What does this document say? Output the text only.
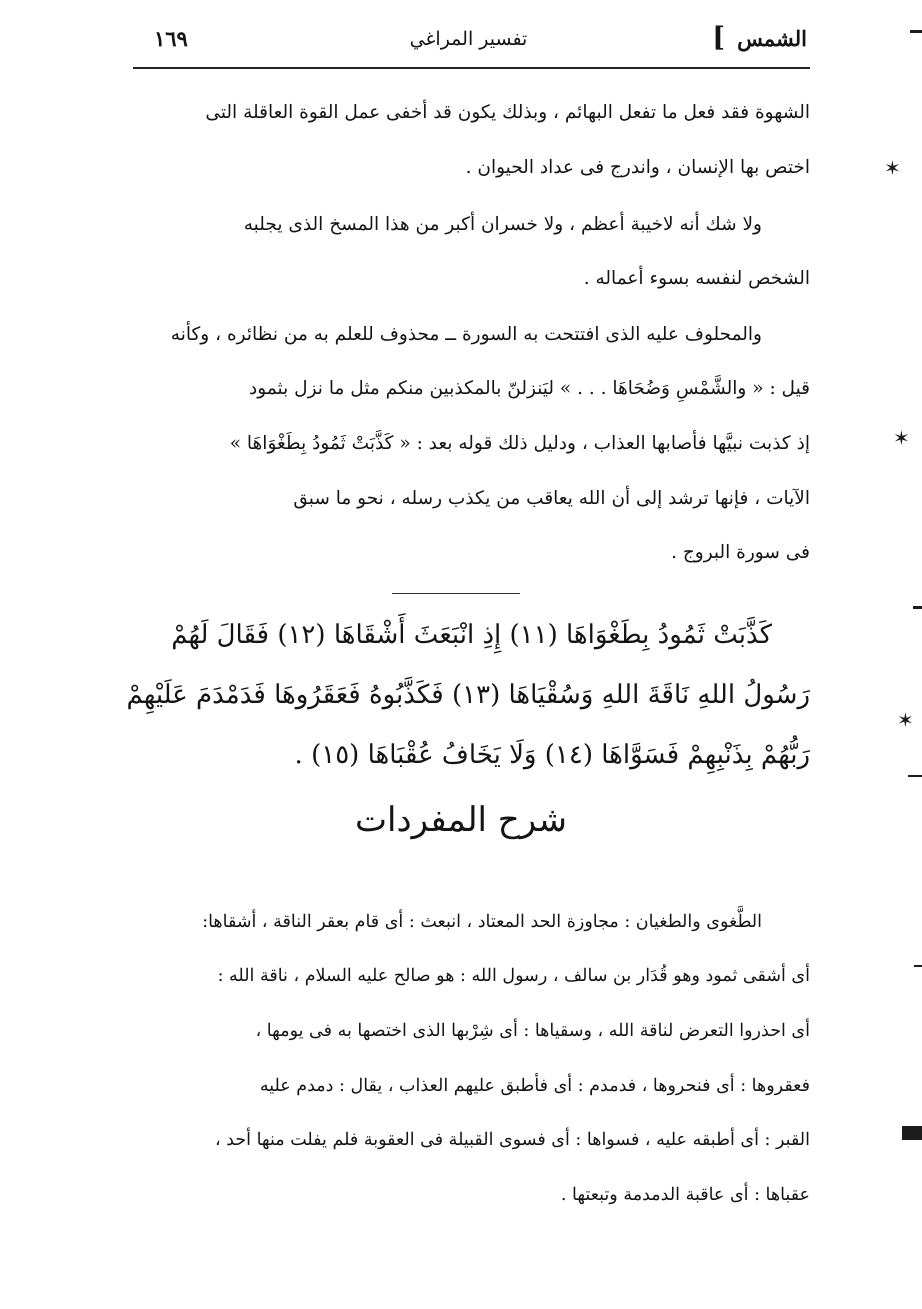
الشمس
]
تفسير المراغي
١٦٩
الشهوة فقد فعل ما تفعل البهائم ، وبذلك يكون قد أخفى عمل القوة العاقلة التى
اختص بها الإنسان ، واندرج فى عداد الحيوان .
ولا شك أنه لاخيبة أعظم ، ولا خسران أكبر من هذا المسخ الذى يجلبه
الشخص لنفسه بسوء أعماله .
والمحلوف عليه الذى افتتحت به السورة ــ محذوف للعلم به من نظائره ، وكأنه
قيل : « والشَّمْسِ وَضُحَاهَا . . . » ليَنزلنّ بالمكذبين منكم مثل ما نزل بثمود
إذ كذبت نبيَّها فأصابها العذاب ، ودليل ذلك قوله بعد : « كَذَّبَتْ ثَمُودُ بِطَغْوَاهَا »
الآيات ، فإنها ترشد إلى أن الله يعاقب من يكذب رسله ، نحو ما سبق
فى سورة البروج .
كَذَّبَتْ ثَمُودُ بِطَغْوَاهَا (١١) إِذِ انْبَعَثَ أَشْقَاهَا (١٢) فَقَالَ لَهُمْ
رَسُولُ اللهِ نَاقَةَ اللهِ وَسُقْيَاهَا (١٣) فَكَذَّبُوهُ فَعَقَرُوهَا فَدَمْدَمَ عَلَيْهِمْ
رَبُّهُمْ بِذَنْبِهِمْ فَسَوَّاهَا (١٤) وَلَا يَخَافُ عُقْبَاهَا (١٥) .
شرح المفردات
الطَّغوى والطغيان : مجاوزة الحد المعتاد ، انبعث : أى قام بعقر الناقة ، أشقاها:
أى أشقى ثمود وهو قُدَار بن سالف ، رسول الله : هو صالح عليه السلام ، ناقة الله :
أى احذروا التعرض لناقة الله ، وسقياها : أى شِرْبها الذى اختصها به فى يومها ،
فعقروها : أى فنحروها ، فدمدم : أى فأطبق عليهم العذاب ، يقال : دمدم عليه
القبر : أى أطبقه عليه ، فسواها : أى فسوى القبيلة فى العقوبة فلم يفلت منها أحد ،
عقباها : أى عاقبة الدمدمة وتبعتها .
✶
✶
✶
